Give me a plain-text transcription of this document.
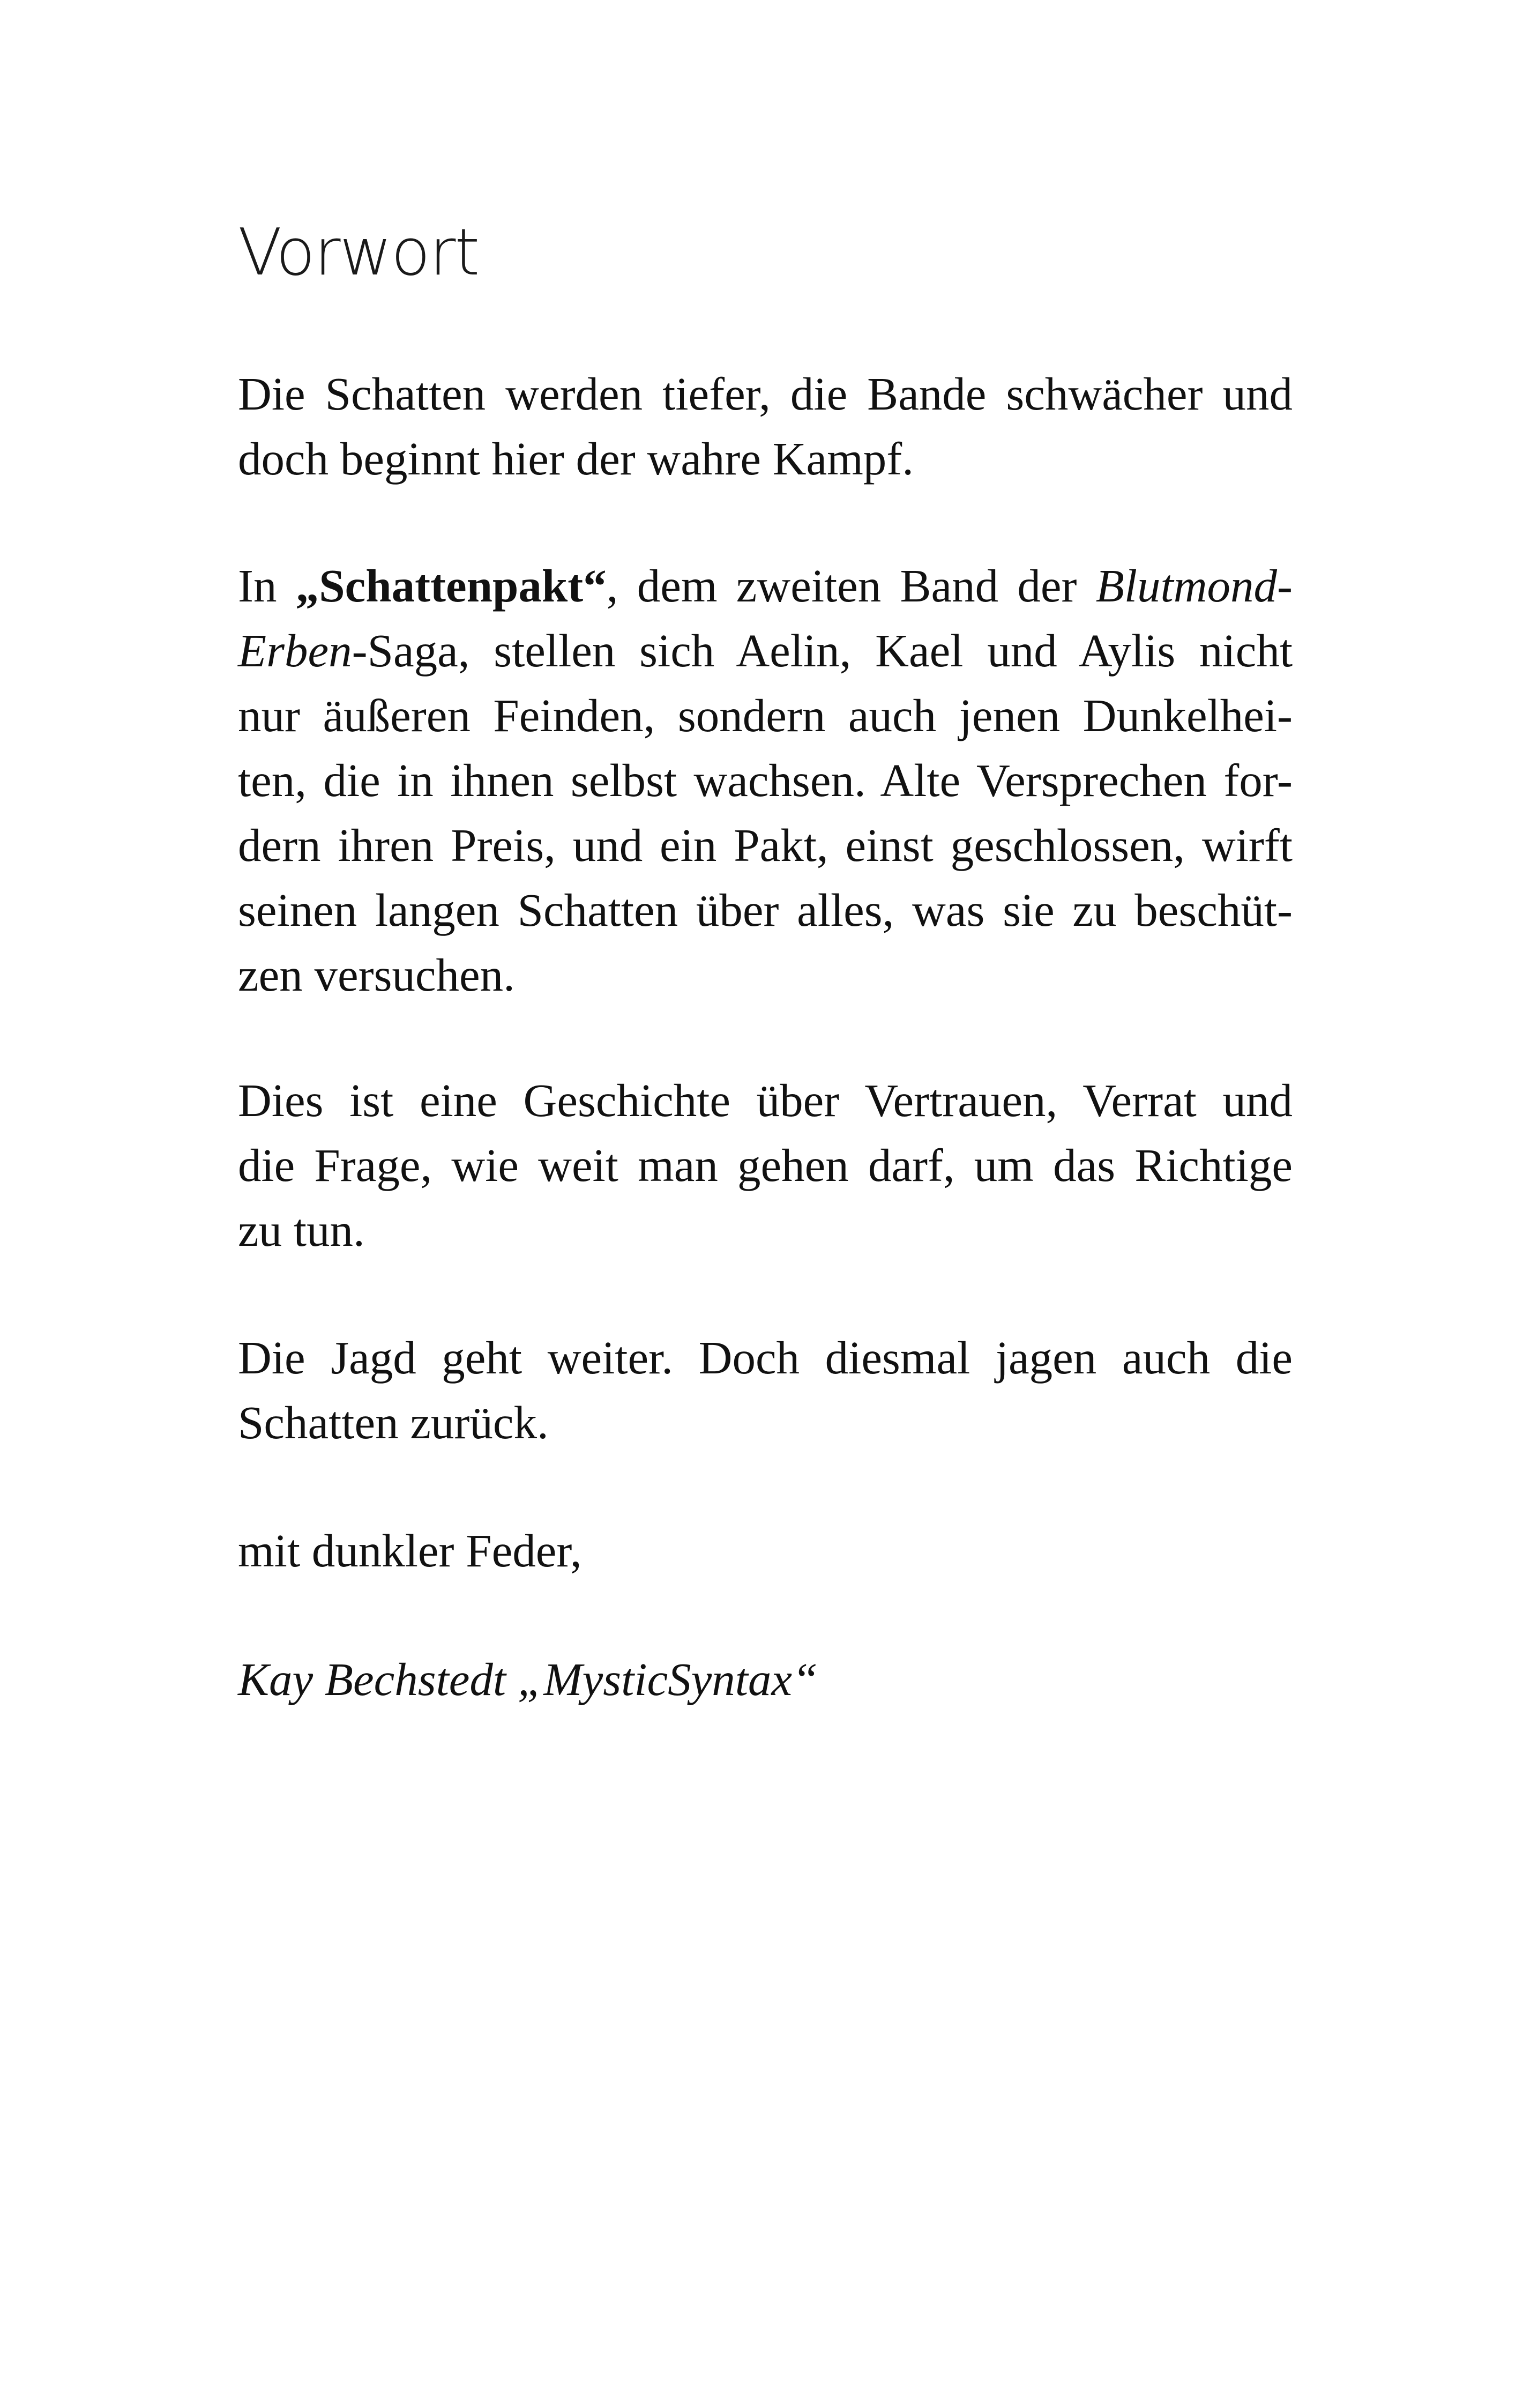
Vorwort
Die Schatten werden tiefer, die Bande schwächer und
doch beginnt hier der wahre Kampf.
In „Schattenpakt“, dem zweiten Band der Blutmond-
Erben-Saga, stellen sich Aelin, Kael und Aylis nicht
nur äußeren Feinden, sondern auch jenen Dunkelhei-
ten, die in ihnen selbst wachsen. Alte Versprechen for-
dern ihren Preis, und ein Pakt, einst geschlossen, wirft
seinen langen Schatten über alles, was sie zu beschüt-
zen versuchen.
Dies ist eine Geschichte über Vertrauen, Verrat und
die Frage, wie weit man gehen darf, um das Richtige
zu tun.
Die Jagd geht weiter. Doch diesmal jagen auch die
Schatten zurück.
mit dunkler Feder,
Kay Bechstedt „MysticSyntax“
